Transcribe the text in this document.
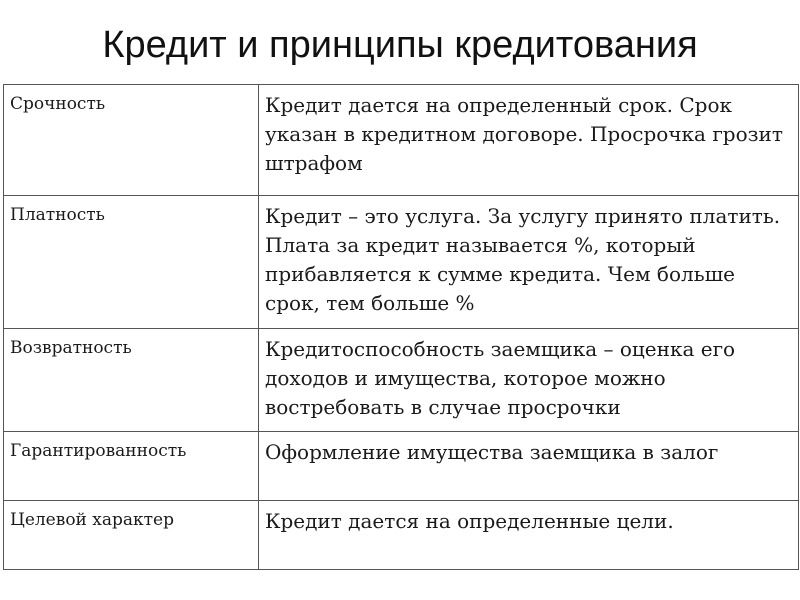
Кредит и принципы кредитования
Срочность	Кредит дается на определенный срок. Срок указан в кредитном договоре. Просрочка грозит штрафом
Платность	Кредит – это услуга. За услугу принято платить. Плата за кредит называется %, который прибавляется к сумме кредита. Чем больше срок, тем больше %
Возвратность	Кредитоспособность заемщика – оценка его доходов и имущества, которое можно востребовать в случае просрочки
Гарантированность	Оформление имущества заемщика в залог
Целевой характер	Кредит дается на определенные цели.
